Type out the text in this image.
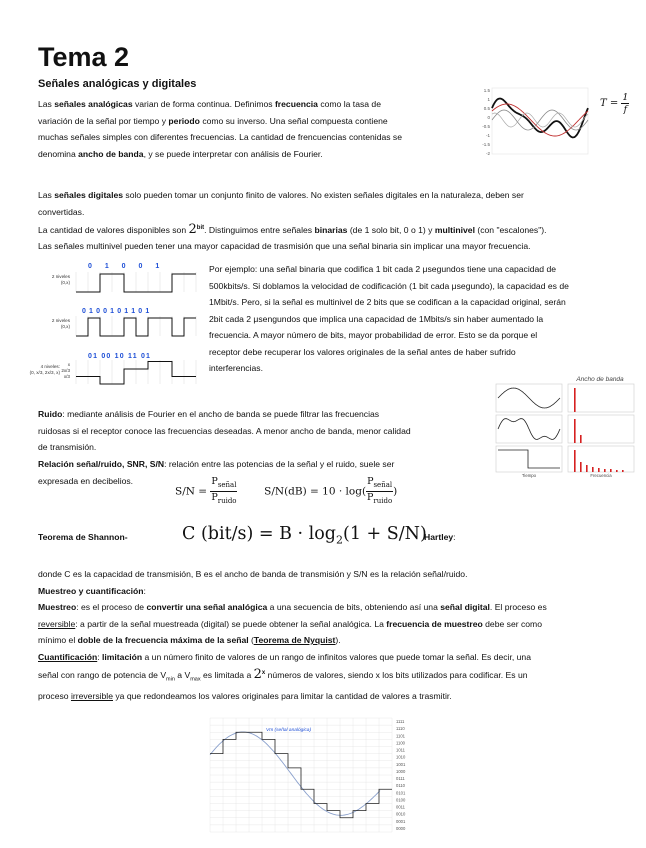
Tema 2
Señales analógicas y digitales

Las señales analógicas varian de forma continua. Definimos frecuencia como la tasa de

variación de la señal por tiempo y periodo como su inverso. Una señal compuesta contiene

muchas señales simples con diferentes frecuencias. La cantidad de frencuencias contenidas se

denomina ancho de banda, y se puede interpretar con análisis de Fourier.

1.5
1
0.5
0
-0.5
-1
-1.5
-2
$T = \frac{1}{f}$

Las señales digitales solo pueden tomar un conjunto finito de valores. No existen señales digitales en la naturaleza, deben ser

convertidas.

La cantidad de valores disponibles son $2^{bit}$. Distinguimos entre señales binarias (de 1 solo bit, 0 o 1) y multinivel (con "escalones").

Las señales multinivel pueden tener una mayor capacidad de trasmisión que una señal binaria sin implicar una mayor frecuencia.

2 niveles
(0,x)
2 niveles
(0,x)
4 niveles:
(0, x/3, 2x/3, x)
x
2x/3
x/3
0 1 0 0 1
0 1 0 0 1 0 1 1 0 1
01 00 10 11 01

Por ejemplo: una señal binaria que codifica 1 bit cada 2 μsegundos tiene una capacidad de

500kbits/s. Si doblamos la velocidad de codificación (1 bit cada μsegundo), la capacidad es de

1Mbit/s. Pero, si la señal es multinivel de 2 bits que se codifican a la capacidad original, serán

2bit cada 2 μsengundos que implica una capacidad de 1Mbits/s sin haber aumentado la

frecuencia. A mayor número de bits, mayor probabilidad de error. Esto se da porque el

receptor debe recuperar los valores originales de la señal antes de haber sufrido

interferencias.

Ancho de banda
Tiempo	Frecuencia

Ruido: mediante análisis de Fourier en el ancho de banda se puede filtrar las frecuencias

ruidosas si el receptor conoce las frecuencias deseadas. A menor ancho de banda, menor calidad

de transmisión.

Relación señal/ruido, SNR, S/N: relación entre las potencias de la señal y el ruido, suele ser

expresada en decibelios.

$S/N = \frac{P_{señal}}{P_{ruido}}$	$S/N(dB) = 10 \cdot \log( \frac{P_{señal}}{P_{ruido}}$ )
Teorema de Shannon-	C $(bit/s) = B \cdot \log_2(1 + S/N)$
Hartley:

donde C es la capacidad de transmisión, B es el ancho de banda de transmisión y S/N es la relación señal/ruido.

Muestreo y cuantificación:

Muestreo: es el proceso de convertir una señal analógica a una secuencia de bits, obteniendo así una señal digital. El proceso es

reversible: a partir de la señal muestreada (digital) se puede obtener la señal analógica. La frecuencia de muestreo debe ser como

mínimo el doble de la frecuencia máxima de la señal (Teorema de Nyquist).

Cuantificación: limitación a un número finito de valores de un rango de infinitos valores que puede tomar la señal. Es decir, una

señal con rango de potencia de $V_{min}$ a $V_{max}$ es limitada a 2$^x$ números de valores, siendo x los bits utilizados para codificar. Es un

proceso irreversible ya que redondeamos los valores originales para limitar la cantidad de valores a trasmitir.

1111
1110
1101
1100
1011
1010
1001
1000
0111
0110
0101
0100
0011
0010
0001
0000
Vm (señal analógica)
